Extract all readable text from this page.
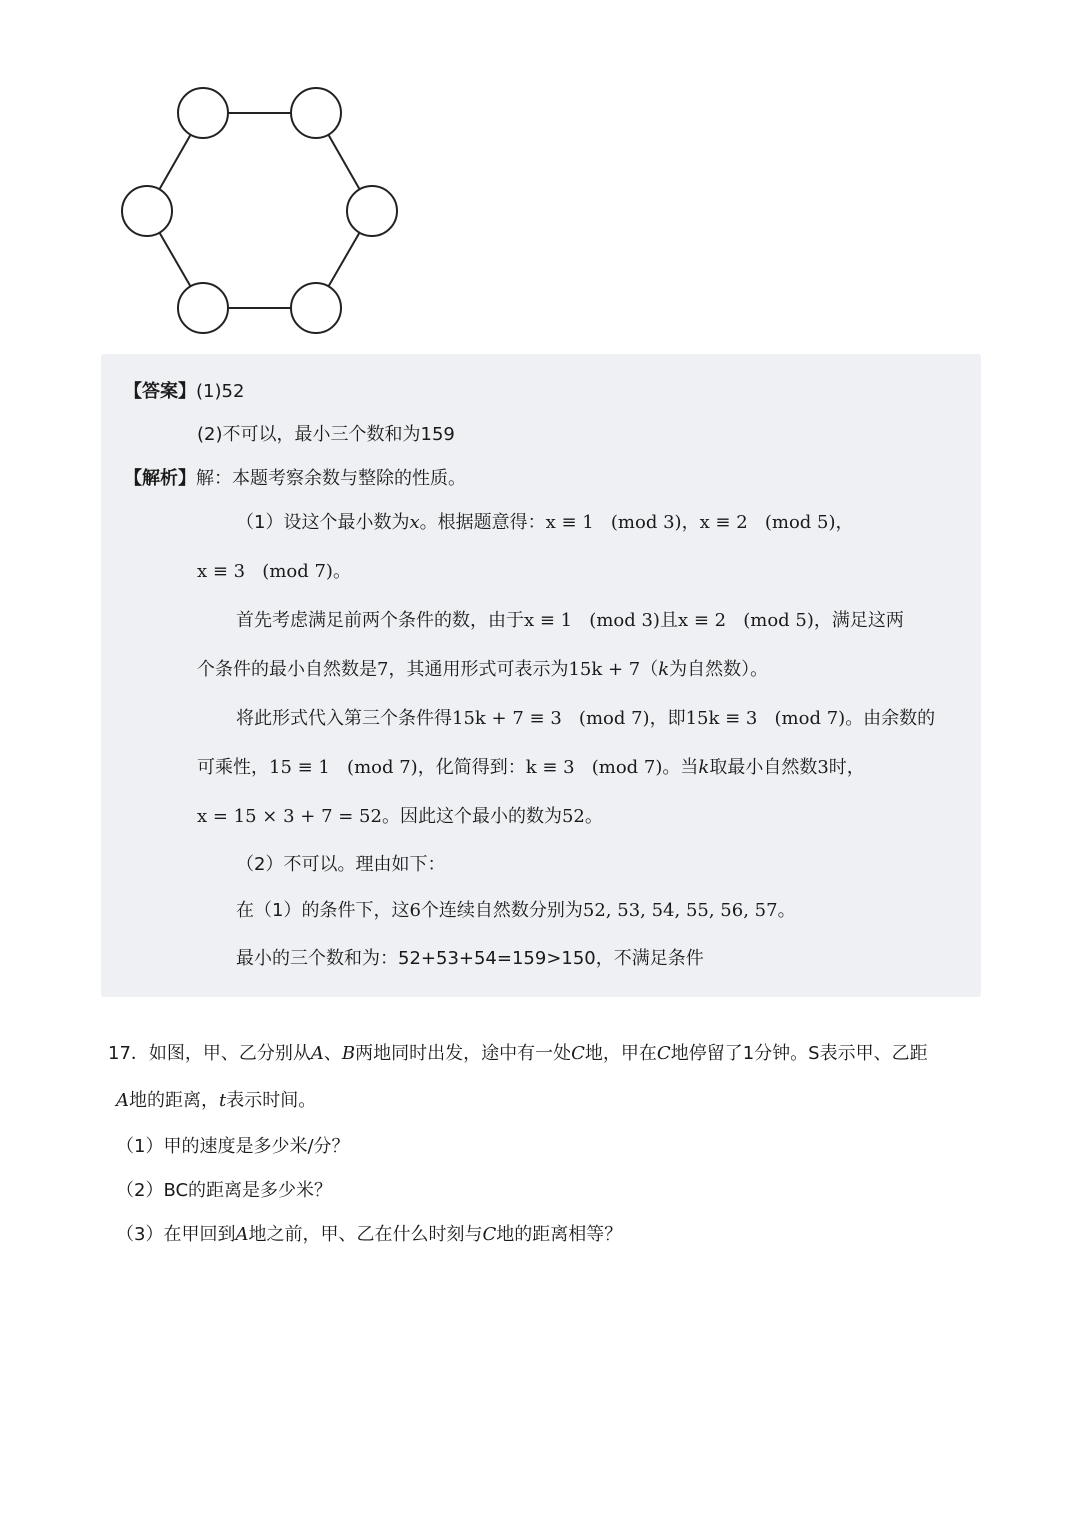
【答案】(1)52
(2)不可以，最小三个数和为159
【解析】解：本题考察余数与整除的性质。
（1）设这个最小数为x。根据题意得：x ≡ 1   (mod 3)，x ≡ 2   (mod 5)，
x ≡ 3   (mod 7)。
首先考虑满足前两个条件的数，由于x ≡ 1   (mod 3)且x ≡ 2   (mod 5)，满足这两
个条件的最小自然数是7，其通用形式可表示为15k + 7（k为自然数）。
将此形式代入第三个条件得15k + 7 ≡ 3   (mod 7)，即15k ≡ 3   (mod 7)。由余数的
可乘性，15 ≡ 1   (mod 7)，化简得到：k ≡ 3   (mod 7)。当k取最小自然数3时，
x = 15 × 3 + 7 = 52。因此这个最小的数为52。
（2）不可以。理由如下：
在（1）的条件下，这6个连续自然数分别为52, 53, 54, 55, 56, 57。
最小的三个数和为：52+53+54=159>150，不满足条件
17．如图，甲、乙分别从A、B两地同时出发，途中有一处C地，甲在C地停留了1分钟。S表示甲、乙距
A地的距离，t表示时间。
（1）甲的速度是多少米/分？
（2）BC的距离是多少米？
（3）在甲回到A地之前，甲、乙在什么时刻与C地的距离相等？
